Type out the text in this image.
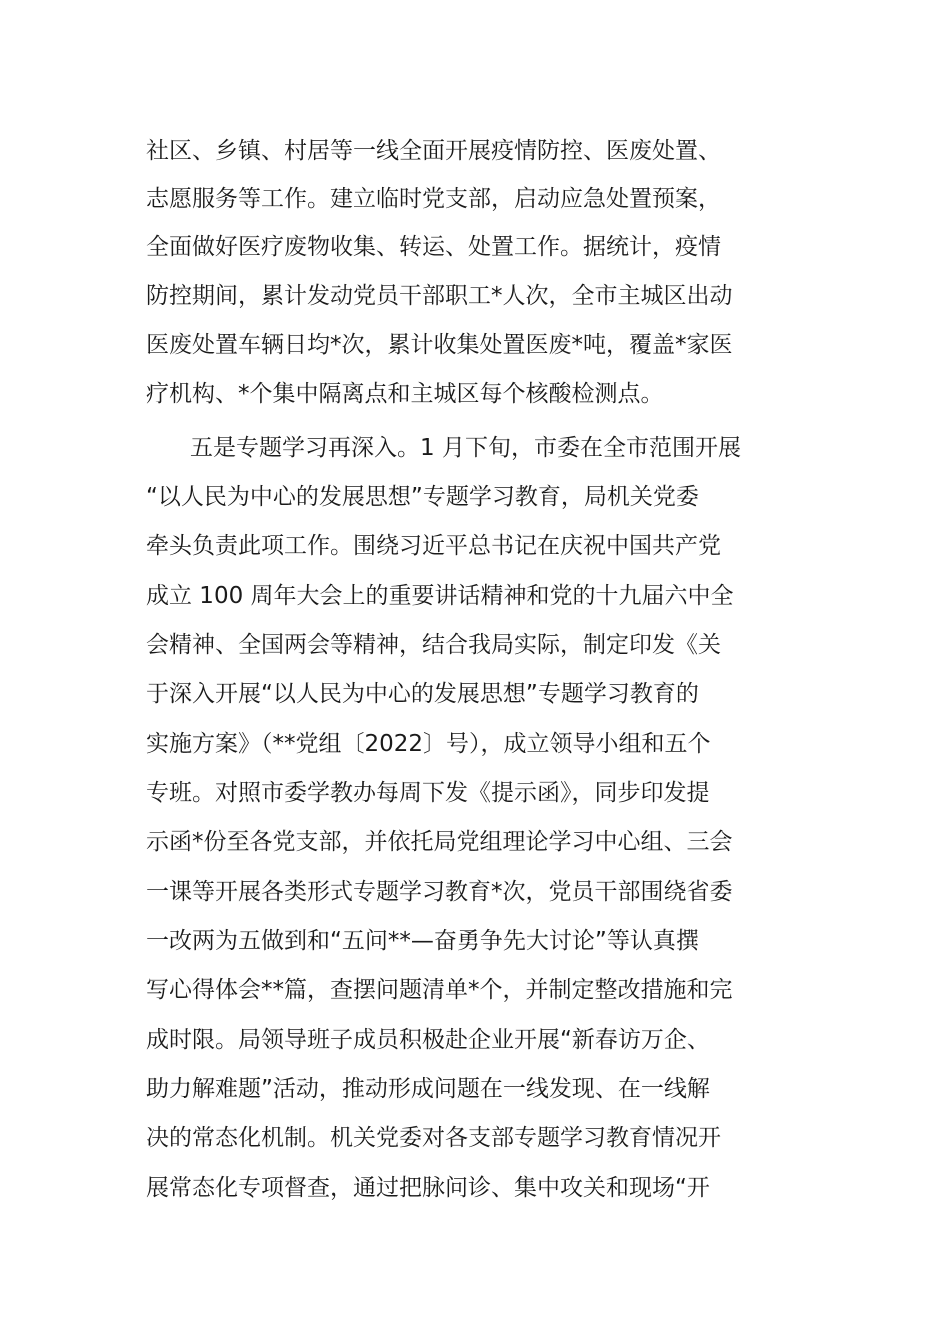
社区、乡镇、村居等一线全面开展疫情防控、医废处置、
志愿服务等工作。建立临时党支部，启动应急处置预案，
全面做好医疗废物收集、转运、处置工作。据统计，疫情
防控期间，累计发动党员干部职工*人次，全市主城区出动
医废处置车辆日均*次，累计收集处置医废*吨，覆盖*家医
疗机构、*个集中隔离点和主城区每个核酸检测点。
五是专题学习再深入。1 月下旬，市委在全市范围开展
“以人民为中心的发展思想”专题学习教育，局机关党委
牵头负责此项工作。围绕习近平总书记在庆祝中国共产党
成立 100 周年大会上的重要讲话精神和党的十九届六中全
会精神、全国两会等精神，结合我局实际，制定印发《关
于深入开展“以人民为中心的发展思想”专题学习教育的
实施方案》（**党组〔2022〕号），成立领导小组和五个
专班。对照市委学教办每周下发《提示函》，同步印发提
示函*份至各党支部，并依托局党组理论学习中心组、三会
一课等开展各类形式专题学习教育*次，党员干部围绕省委
一改两为五做到和“五问**—奋勇争先大讨论”等认真撰
写心得体会**篇，查摆问题清单*个，并制定整改措施和完
成时限。局领导班子成员积极赴企业开展“新春访万企、
助力解难题”活动，推动形成问题在一线发现、在一线解
决的常态化机制。机关党委对各支部专题学习教育情况开
展常态化专项督查，通过把脉问诊、集中攻关和现场“开
